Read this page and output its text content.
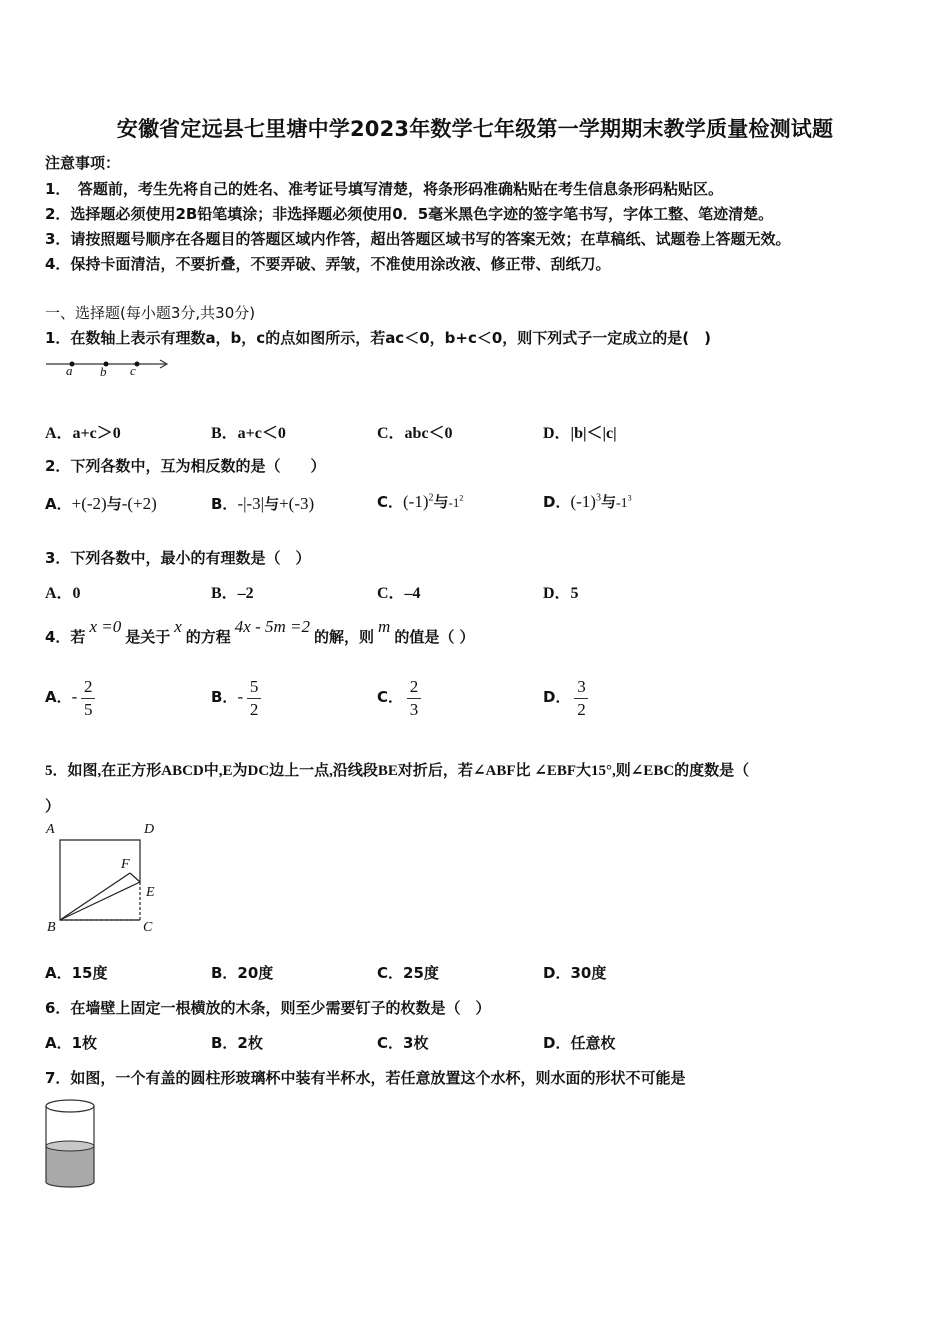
安徽省定远县七里塘中学2023年数学七年级第一学期期末教学质量检测试题
注意事项：
1．　答题前，考生先将自己的姓名、准考证号填写清楚，将条形码准确粘贴在考生信息条形码粘贴区。
2．选择题必须使用2B铅笔填涂；非选择题必须使用0．5毫米黑色字迹的签字笔书写，字体工整、笔迹清楚。
3．请按照题号顺序在各题目的答题区域内作答，超出答题区域书写的答案无效；在草稿纸、试题卷上答题无效。
4．保持卡面清洁，不要折叠，不要弄破、弄皱，不准使用涂改液、修正带、刮纸刀。
一、选择题(每小题3分,共30分)
1．在数轴上表示有理数a，b，c的点如图所示，若ac＜0，b+c＜0，则下列式子一定成立的是(　)
a b c
A．a+c＞0	B．a+c＜0	C．abc＜0	D．|b|＜|c|
2．下列各数中，互为相反数的是（　　）
A．+(-2)与-(+2)	B．-|-3|与+(-3)	C．$(-1)^2$与$-1^2$	D．$(-1)^3$与$-1^3$
3．下列各数中，最小的有理数是（　）
A．0	B．–2	C．–4	D．5
4．若 x =0 是关于 x 的方程 4x - 5m =2 的解，则 m 的值是（ ）
A．- $\frac{2}{5}$	B．- $\frac{5}{2}$	C． $\frac{2}{3}$	D． $\frac{3}{2}$
5．如图,在正方形ABCD中,E为DC边上一点,沿线段BE对折后，若∠ABF比 ∠EBF大15°,则∠EBC的度数是（
）
A	D
F
E
B	C
A．15度	B．20度	C．25度	D．30度
6．在墙壁上固定一根横放的木条，则至少需要钉子的枚数是（　）
A．1枚	B．2枚	C．3枚	D．任意枚
7．如图，一个有盖的圆柱形玻璃杯中装有半杯水，若任意放置这个水杯，则水面的形状不可能是
